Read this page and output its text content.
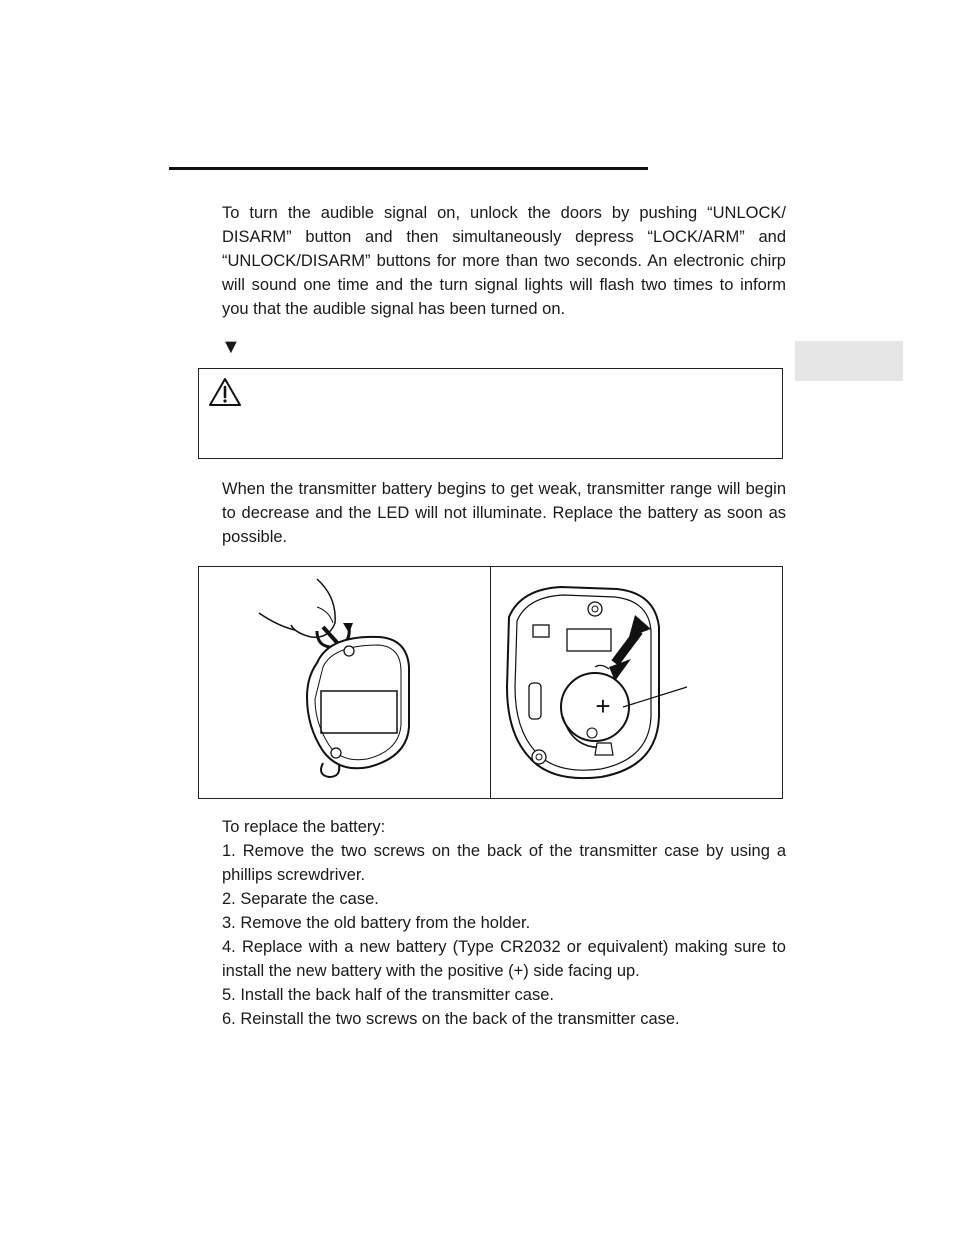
To turn the audible signal on, unlock the doors by pushing “UNLOCK/ DISARM” button and then simultaneously depress “LOCK/ARM” and “UNLOCK/DISARM” buttons for more than two seconds. An electronic chirp will sound one time and the turn signal lights will flash two times to inform you that the audible signal has been turned on.

▼

When the transmitter battery begins to get weak, transmitter range will begin to decrease and the LED will not illuminate. Replace the battery as soon as possible.

+
To replace the battery:
1. Remove the two screws on the back of the transmitter case by using a phillips screwdriver.
2. Separate the case.
3. Remove the old battery from the holder.
4. Replace with a new battery (Type CR2032 or equivalent) making sure to install the new battery with the positive (+) side facing up.
5. Install the back half of the transmitter case.
6. Reinstall the two screws on the back of the transmitter case.
